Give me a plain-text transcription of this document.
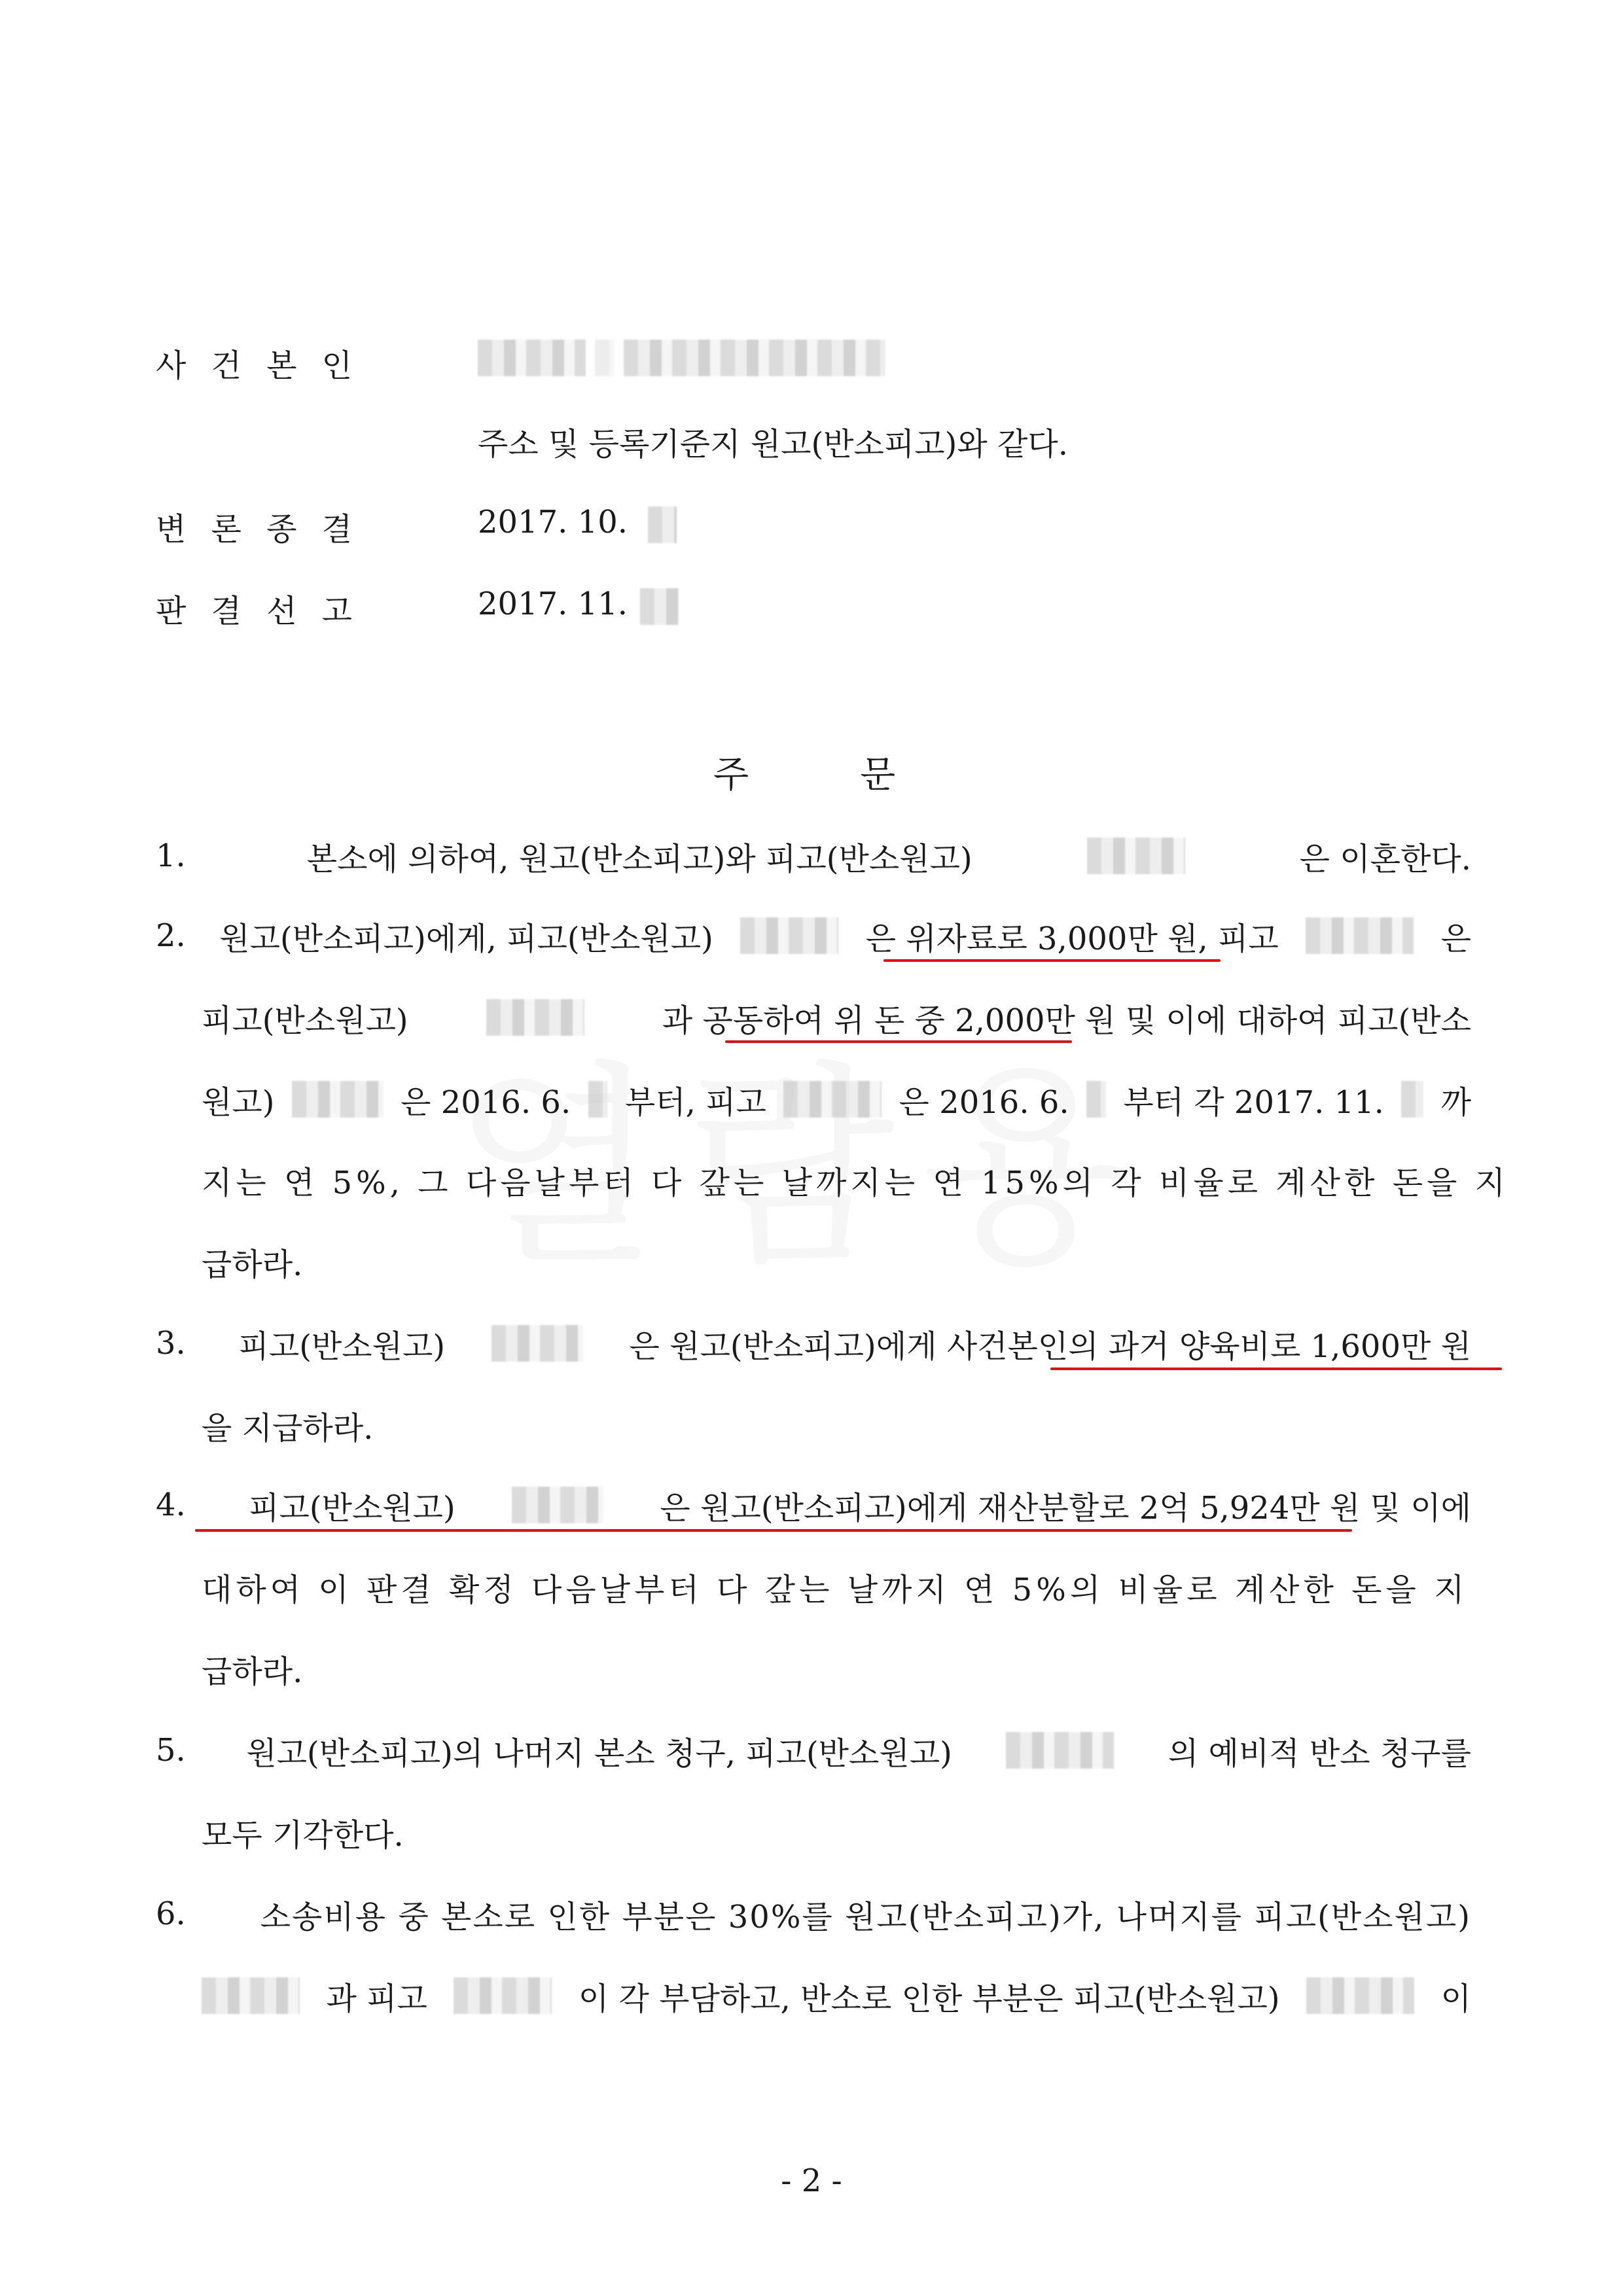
사 건 본 인
주소 및 등록기준지 원고(반소피고)와 같다.
변 론 종 결	2017. 10.
판 결 선 고	2017. 11.
주	문
1.	본소에 의하여, 원고(반소피고)와 피고(반소원고)	은 이혼한다.
2. 원고(반소피고)에게, 피고(반소원고)	은 위자료로 3,000만 원, 피고	은
피고(반소원고)	과 공동하여 위 돈 중 2,000만 원 및 이에 대하여 피고(반소
원고)	은 2016. 6. 부터, 피고	은 2016. 6. 부터 각 2017. 11. 까
지는 연 5%, 그 다음날부터 다 갚는 날까지는 연 15%의 각 비율로 계산한 돈을 지
급하라.
3. 피고(반소원고)	은 원고(반소피고)에게 사건본인의 과거 양육비로 1,600만 원
을 지급하라.
4. 피고(반소원고)	은 원고(반소피고)에게 재산분할로 2억 5,924만 원 및 이에
대하여 이 판결 확정 다음날부터 다 갚는 날까지 연 5%의 비율로 계산한 돈을 지
급하라.
5. 원고(반소피고)의 나머지 본소 청구, 피고(반소원고)	의 예비적 반소 청구를
모두 기각한다.
6. 소송비용 중 본소로 인한 부분은 30%를 원고(반소피고)가, 나머지를 피고(반소원고)
과 피고	이 각 부담하고, 반소로 인한 부분은 피고(반소원고)	이
- 2 -
